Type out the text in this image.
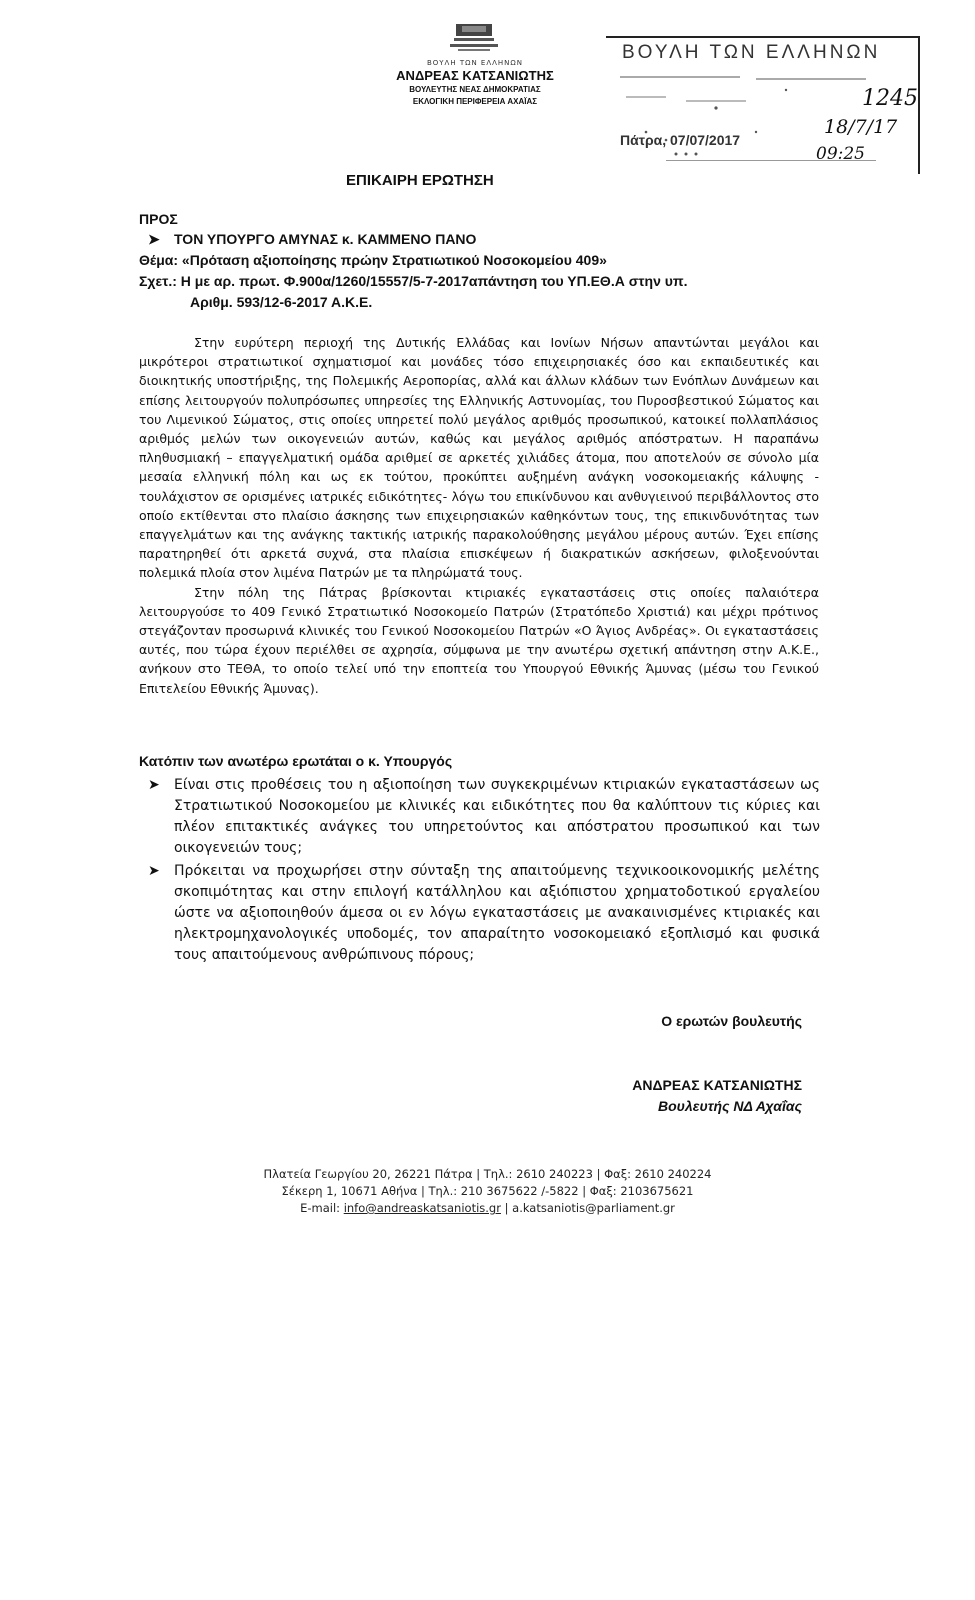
ΒΟΥΛΗ ΤΩΝ ΕΛΛΗΝΩΝ
ΑΝΔΡΕΑΣ ΚΑΤΣΑΝΙΩΤΗΣ
ΒΟΥΛΕΥΤΗΣ ΝΕΑΣ ΔΗΜΟΚΡΑΤΙΑΣ
ΕΚΛΟΓΙΚΗ ΠΕΡΙΦΕΡΕΙΑ ΑΧΑΪΑΣ
ΒΟΥΛΗ ΤΩΝ ΕΛΛΗΝΩΝ
1245
18/7/17
09:25
Πάτρα, 07/07/2017
ΕΠΙΚΑΙΡΗ ΕΡΩΤΗΣΗ
ΠΡΟΣ
➤ ΤΟΝ ΥΠΟΥΡΓΟ ΑΜΥΝΑΣ κ. ΚΑΜΜΕΝΟ ΠΑΝΟ
Θέμα: «Πρόταση αξιοποίησης πρώην Στρατιωτικού Νοσοκομείου 409»
Σχετ.: Η με αρ. πρωτ. Φ.900α/1260/15557/5-7-2017απάντηση του ΥΠ.ΕΘ.Α στην υπ.
Αριθμ. 593/12-6-2017 Α.Κ.Ε.

Στην ευρύτερη περιοχή της Δυτικής Ελλάδας και Ιονίων Νήσων απαντώνται μεγάλοι και μικρότεροι στρατιωτικοί σχηματισμοί και μονάδες τόσο επιχειρησιακές όσο και εκπαιδευτικές και διοικητικής υποστήριξης, της Πολεμικής Αεροπορίας, αλλά και άλλων κλάδων των Ενόπλων Δυνάμεων και επίσης λειτουργούν πολυπρόσωπες υπηρεσίες της Ελληνικής Αστυνομίας, του Πυροσβεστικού Σώματος και του Λιμενικού Σώματος, στις οποίες υπηρετεί πολύ μεγάλος αριθμός προσωπικού, κατοικεί πολλαπλάσιος αριθμός μελών των οικογενειών αυτών, καθώς και μεγάλος αριθμός απόστρατων. Η παραπάνω πληθυσμιακή – επαγγελματική ομάδα αριθμεί σε αρκετές χιλιάδες άτομα, που αποτελούν σε σύνολο μία μεσαία ελληνική πόλη και ως εκ τούτου, προκύπτει αυξημένη ανάγκη νοσοκομειακής κάλυψης - τουλάχιστον σε ορισμένες ιατρικές ειδικότητες- λόγω του επικίνδυνου και ανθυγιεινού περιβάλλοντος στο οποίο εκτίθενται στο πλαίσιο άσκησης των επιχειρησιακών καθηκόντων τους, της επικινδυνότητας των επαγγελμάτων και της ανάγκης τακτικής ιατρικής παρακολούθησης μεγάλου μέρους αυτών. Έχει επίσης παρατηρηθεί ότι αρκετά συχνά, στα πλαίσια επισκέψεων ή διακρατικών ασκήσεων, φιλοξενούνται πολεμικά πλοία στον λιμένα Πατρών με τα πληρώματά τους.

Στην πόλη της Πάτρας βρίσκονται κτιριακές εγκαταστάσεις στις οποίες παλαιότερα λειτουργούσε το 409 Γενικό Στρατιωτικό Νοσοκομείο Πατρών (Στρατόπεδο Χριστιά) και μέχρι πρότινος στεγάζονταν προσωρινά κλινικές του Γενικού Νοσοκομείου Πατρών «Ο Άγιος Ανδρέας». Οι εγκαταστάσεις αυτές, που τώρα έχουν περιέλθει σε αχρησία, σύμφωνα με την ανωτέρω σχετική απάντηση στην Α.Κ.Ε., ανήκουν στο ΤΕΘΑ, το οποίο τελεί υπό την εποπτεία του Υπουργού Εθνικής Άμυνας (μέσω του Γενικού Επιτελείου Εθνικής Άμυνας).

Κατόπιν των ανωτέρω ερωτάται ο κ. Υπουργός
➤ Είναι στις προθέσεις του η αξιοποίηση των συγκεκριμένων κτιριακών εγκαταστάσεων ως Στρατιωτικού Νοσοκομείου με κλινικές και ειδικότητες που θα καλύπτουν τις κύριες και πλέον επιτακτικές ανάγκες του υπηρετούντος και απόστρατου προσωπικού και των οικογενειών τους;
➤ Πρόκειται να προχωρήσει στην σύνταξη της απαιτούμενης τεχνικοοικονομικής μελέτης σκοπιμότητας και στην επιλογή κατάλληλου και αξιόπιστου χρηματοδοτικού εργαλείου ώστε να αξιοποιηθούν άμεσα οι εν λόγω εγκαταστάσεις με ανακαινισμένες κτιριακές και ηλεκτρομηχανολογικές υποδομές, τον απαραίτητο νοσοκομειακό εξοπλισμό και φυσικά τους απαιτούμενους ανθρώπινους πόρους;
Ο ερωτών βουλευτής
ΑΝΔΡΕΑΣ ΚΑΤΣΑΝΙΩΤΗΣ
Βουλευτής ΝΔ Αχαΐας
Πλατεία Γεωργίου 20, 26221 Πάτρα | Τηλ.: 2610 240223 | Φαξ: 2610 240224
Σέκερη 1, 10671 Αθήνα | Τηλ.: 210 3675622 /-5822 | Φαξ: 2103675621
E-mail: info@andreaskatsaniotis.gr | a.katsaniotis@parliament.gr
